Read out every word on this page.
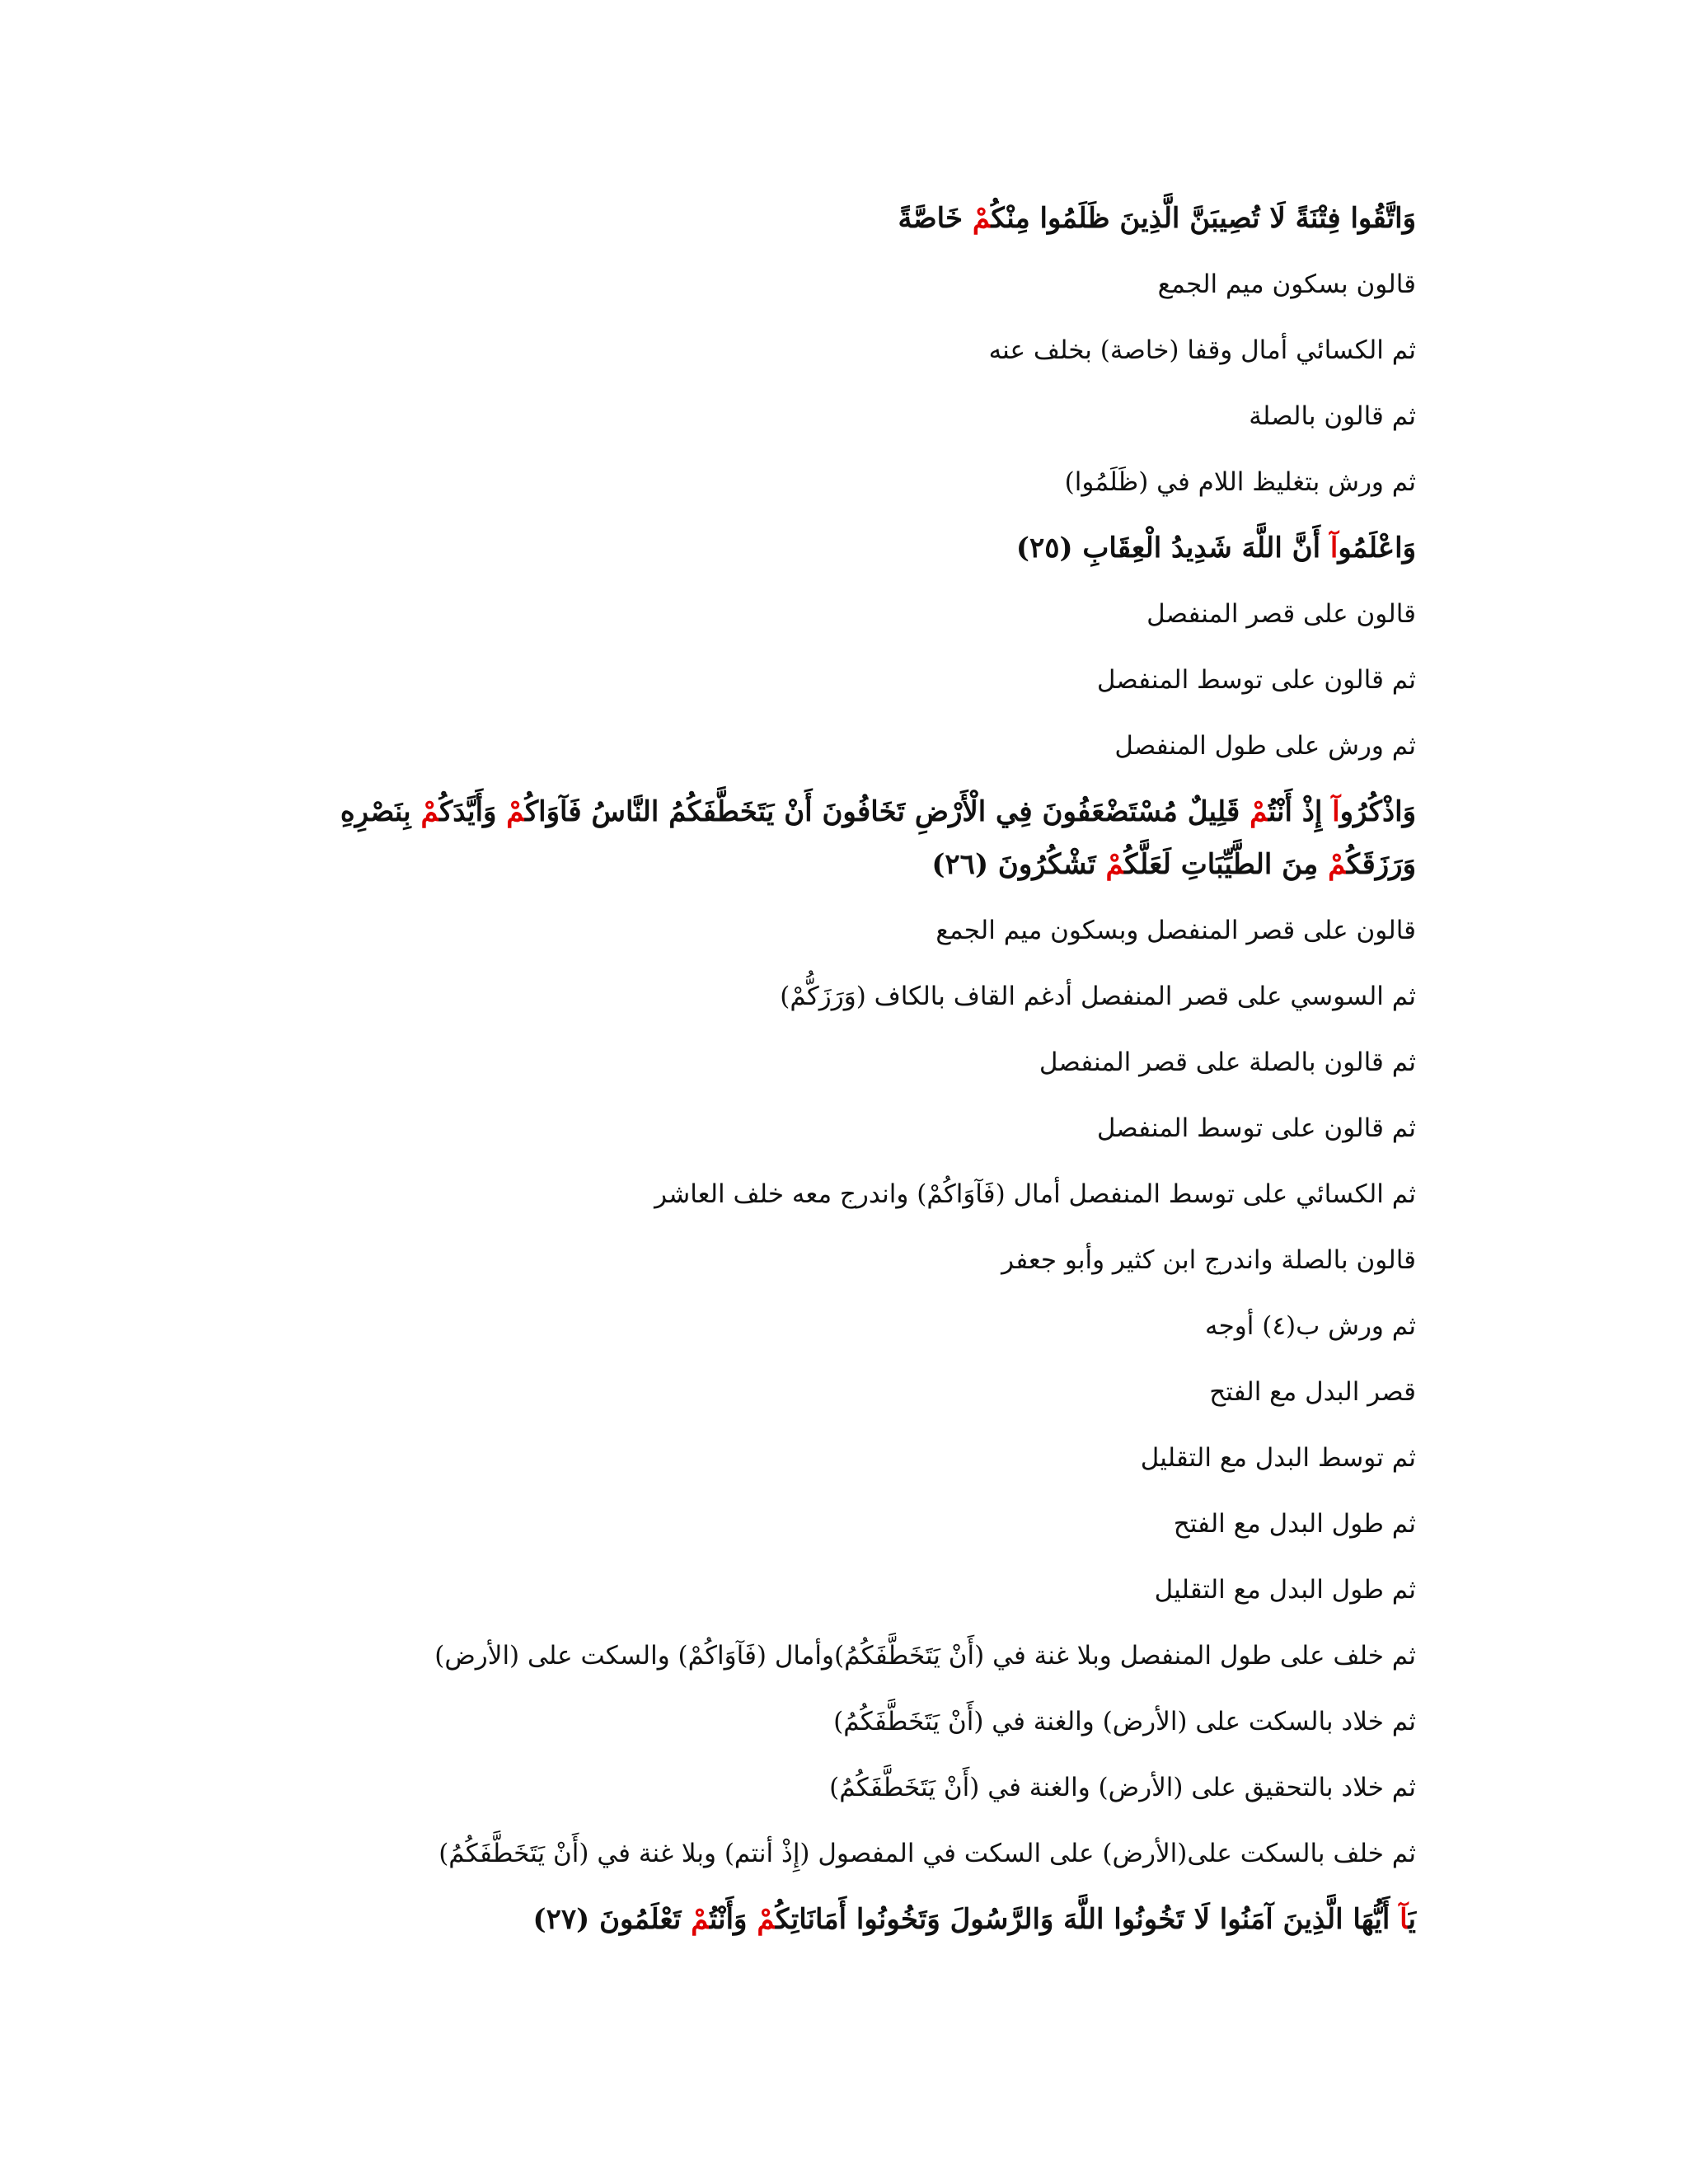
وَاتَّقُوا فِتْنَةً لَا تُصِيبَنَّ الَّذِينَ ظَلَمُوا مِنْكُمْ خَاصَّةً
قالون بسكون ميم الجمع
ثم الكسائي أمال وقفا (خاصة) بخلف عنه
ثم قالون بالصلة
ثم ورش بتغليظ اللام في (ظَلَمُوا)
وَاعْلَمُوآ أَنَّ اللَّهَ شَدِيدُ الْعِقَابِ (٢٥)
قالون على قصر المنفصل
ثم قالون على توسط المنفصل
ثم ورش على طول المنفصل
وَاذْكُرُوآ إِذْ أَنْتُمْ قَلِيلٌ مُسْتَضْعَفُونَ فِي الْأَرْضِ تَخَافُونَ أَنْ يَتَخَطَّفَكُمُ النَّاسُ فَآوَاكُمْ وَأَيَّدَكُمْ بِنَصْرِهِ وَرَزَقَكُمْ مِنَ الطَّيِّبَاتِ لَعَلَّكُمْ تَشْكُرُونَ (٢٦)
قالون على قصر المنفصل وبسكون ميم الجمع
ثم السوسي على قصر المنفصل أدغم القاف بالكاف (وَرَزَكُّمْ)
ثم قالون بالصلة على قصر المنفصل
ثم قالون على توسط المنفصل
ثم الكسائي على توسط المنفصل أمال (فَآوَاكُمْ) واندرج معه خلف العاشر
قالون بالصلة واندرج ابن كثير وأبو جعفر
ثم ورش ب(٤) أوجه
قصر البدل مع الفتح
ثم توسط البدل مع التقليل
ثم طول البدل مع الفتح
ثم طول البدل مع التقليل
ثم خلف على طول المنفصل وبلا غنة في (أَنْ يَتَخَطَّفَكُمُ)وأمال (فَآوَاكُمْ) والسكت على (الأرض)
ثم خلاد بالسكت على (الأرض) والغنة في (أَنْ يَتَخَطَّفَكُمُ)
ثم خلاد بالتحقيق على (الأرض) والغنة في (أَنْ يَتَخَطَّفَكُمُ)
ثم خلف بالسكت على(الأرض) على السكت في المفصول (إِذْ أنتم) وبلا غنة في (أَنْ يَتَخَطَّفَكُمُ)
يَآ أَيُّهَا الَّذِينَ آمَنُوا لَا تَخُونُوا اللَّهَ وَالرَّسُولَ وَتَخُونُوا أَمَانَاتِكُمْ وَأَنْتُمْ تَعْلَمُونَ (٢٧)
